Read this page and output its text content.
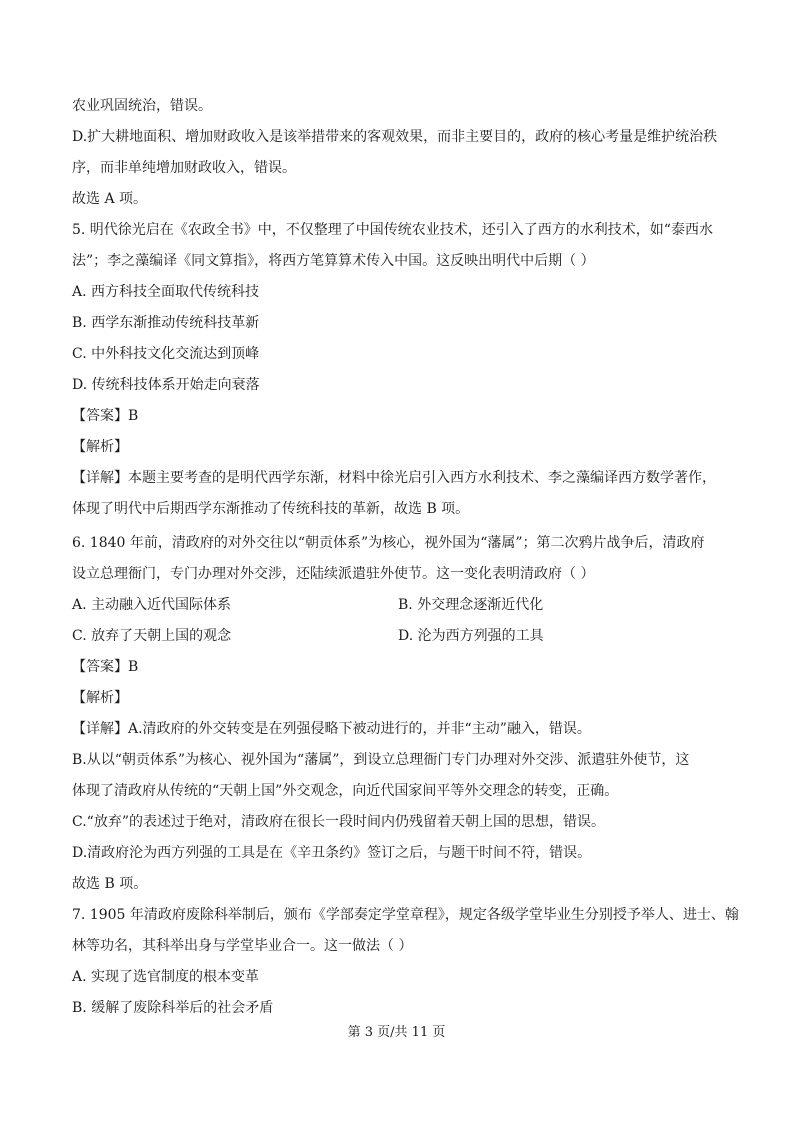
农业巩固统治，错误。
D.扩大耕地面积、增加财政收入是该举措带来的客观效果，而非主要目的，政府的核心考量是维护统治秩
序，而非单纯增加财政收入，错误。
故选 A 项。
5. 明代徐光启在《农政全书》中，不仅整理了中国传统农业技术，还引入了西方的水利技术，如“泰西水
法”；李之藻编译《同文算指》，将西方笔算算术传入中国。这反映出明代中后期（ ）
A. 西方科技全面取代传统科技
B. 西学东渐推动传统科技革新
C. 中外科技文化交流达到顶峰
D. 传统科技体系开始走向衰落
【答案】B
【解析】
【详解】本题主要考查的是明代西学东渐，材料中徐光启引入西方水利技术、李之藻编译西方数学著作，
体现了明代中后期西学东渐推动了传统科技的革新，故选 B 项。
6. 1840 年前，清政府的对外交往以“朝贡体系”为核心，视外国为“藩属”；第二次鸦片战争后，清政府
设立总理衙门，专门办理对外交涉，还陆续派遣驻外使节。这一变化表明清政府（ ）
A. 主动融入近代国际体系	B. 外交理念逐渐近代化
C. 放弃了天朝上国的观念	D. 沦为西方列强的工具
【答案】B
【解析】
【详解】A.清政府的外交转变是在列强侵略下被动进行的，并非“主动”融入，错误。
B.从以“朝贡体系”为核心、视外国为“藩属”，到设立总理衙门专门办理对外交涉、派遣驻外使节，这
体现了清政府从传统的“天朝上国”外交观念，向近代国家间平等外交理念的转变，正确。
C.“放弃”的表述过于绝对，清政府在很长一段时间内仍残留着天朝上国的思想，错误。
D.清政府沦为西方列强的工具是在《辛丑条约》签订之后，与题干时间不符，错误。
故选 B 项。
7. 1905 年清政府废除科举制后，颁布《学部奏定学堂章程》，规定各级学堂毕业生分别授予举人、进士、翰
林等功名，其科举出身与学堂毕业合一。这一做法（ ）
A. 实现了选官制度的根本变革
B. 缓解了废除科举后的社会矛盾
第 3 页/共 11 页
